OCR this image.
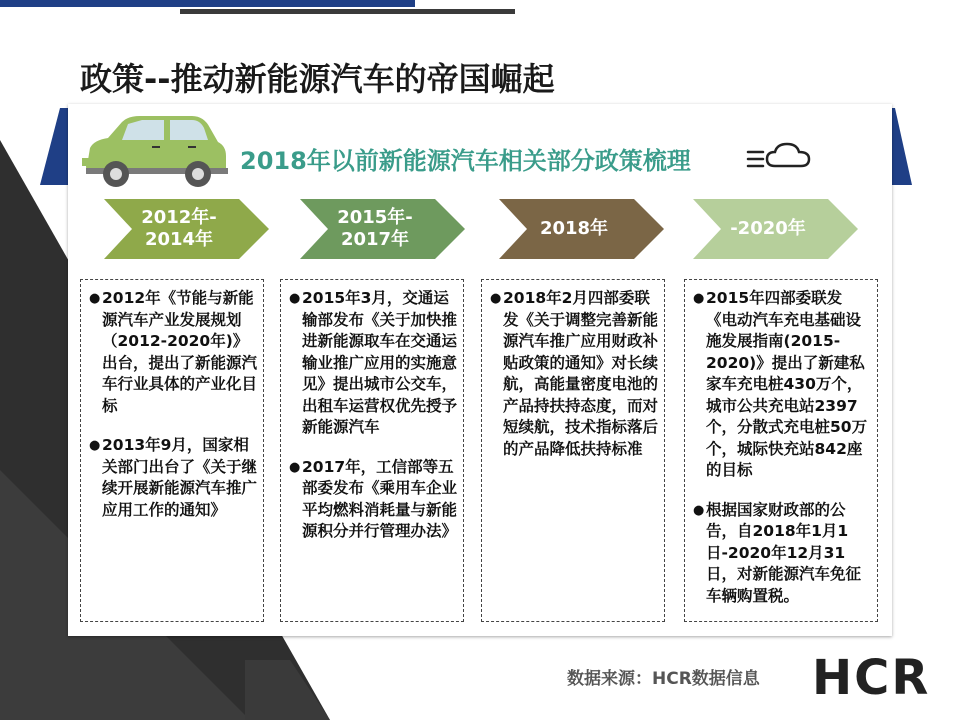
政策--推动新能源汽车的帝国崛起
2018年以前新能源汽车相关部分政策梳理
2012年-
2014年
2015年-
2017年
2018年	-2020年
● 2012年《节能与新能源汽车产业发展规划（2012-2020年)》出台，提出了新能源汽车行业具体的产业化目标
● 2013年9月，国家相关部门出台了《关于继续开展新能源汽车推广应用工作的通知》
● 2015年3月，交通运输部发布《关于加快推进新能源取车在交通运输业推广应用的实施意见》提出城市公交车，出租车运营权优先授予新能源汽车
● 2017年，工信部等五部委发布《乘用车企业平均燃料消耗量与新能源积分并行管理办法》
● 2018年2月四部委联发《关于调整完善新能源汽车推广应用财政补贴政策的通知》对长续航，高能量密度电池的产品持扶持态度，而对短续航，技术指标落后的产品降低扶持标准
● 2015年四部委联发《电动汽车充电基础设施发展指南(2015-2020)》提出了新建私家车充电桩430万个，城市公共充电站2397个，分散式充电桩50万个，城际快充站842座的目标
● 根据国家财政部的公告，自2018年1月1日-2020年12月31日，对新能源汽车免征车辆购置税。
数据来源：HCR数据信息 HCR
